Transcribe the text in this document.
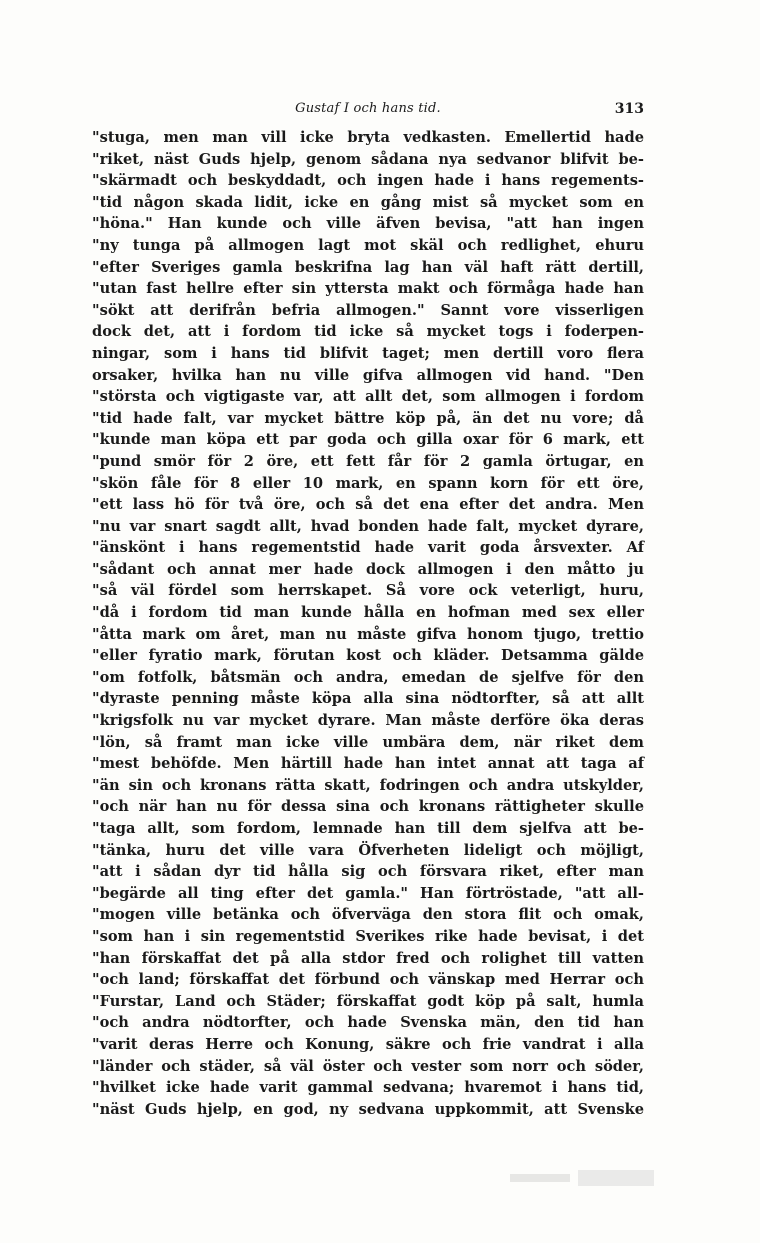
Gustaf I och hans tid.	313
"stuga, men man vill icke bryta vedkasten. Emellertid hade
"riket, näst Guds hjelp, genom sådana nya sedvanor blifvit be-
"skärmadt och beskyddadt, och ingen hade i hans regements-
"tid någon skada lidit, icke en gång mist så mycket som en
"höna." Han kunde och ville äfven bevisa, "att han ingen
"ny tunga på allmogen lagt mot skäl och redlighet, ehuru
"efter Sveriges gamla beskrifna lag han väl haft rätt dertill,
"utan fast hellre efter sin yttersta makt och förmåga hade han
"sökt att derifrån befria allmogen." Sannt vore visserligen
dock det, att i fordom tid icke så mycket togs i foderpen-
ningar, som i hans tid blifvit taget; men dertill voro flera
orsaker, hvilka han nu ville gifva allmogen vid hand. "Den
"största och vigtigaste var, att allt det, som allmogen i fordom
"tid hade falt, var mycket bättre köp på, än det nu vore; då
"kunde man köpa ett par goda och gilla oxar för 6 mark, ett
"pund smör för 2 öre, ett fett får för 2 gamla örtugar, en
"skön fåle för 8 eller 10 mark, en spann korn för ett öre,
"ett lass hö för två öre, och så det ena efter det andra. Men
"nu var snart sagdt allt, hvad bonden hade falt, mycket dyrare,
"änskönt i hans regementstid hade varit goda årsvexter. Af
"sådant och annat mer hade dock allmogen i den måtto ju
"så väl fördel som herrskapet. Så vore ock veterligt, huru,
"då i fordom tid man kunde hålla en hofman med sex eller
"åtta mark om året, man nu måste gifva honom tjugo, trettio
"eller fyratio mark, förutan kost och kläder. Detsamma gälde
"om fotfolk, båtsmän och andra, emedan de sjelfve för den
"dyraste penning måste köpa alla sina nödtorfter, så att allt
"krigsfolk nu var mycket dyrare. Man måste derföre öka deras
"lön, så framt man icke ville umbära dem, när riket dem
"mest behöfde. Men härtill hade han intet annat att taga af
"än sin och kronans rätta skatt, fodringen och andra utskylder,
"och när han nu för dessa sina och kronans rättigheter skulle
"taga allt, som fordom, lemnade han till dem sjelfva att be-
"tänka, huru det ville vara Öfverheten lideligt och möjligt,
"att i sådan dyr tid hålla sig och försvara riket, efter man
"begärde all ting efter det gamla." Han förtröstade, "att all-
"mogen ville betänka och öfverväga den stora flit och omak,
"som han i sin regementstid Sverikes rike hade bevisat, i det
"han förskaffat det på alla stdor fred och rolighet till vatten
"och land; förskaffat det förbund och vänskap med Herrar och
"Furstar, Land och Städer; förskaffat godt köp på salt, humla
"och andra nödtorfter, och hade Svenska män, den tid han
"varit deras Herre och Konung, säkre och frie vandrat i alla
"länder och städer, så väl öster och vester som norr och söder,
"hvilket icke hade varit gammal sedvana; hvaremot i hans tid,
"näst Guds hjelp, en god, ny sedvana uppkommit, att Svenske
